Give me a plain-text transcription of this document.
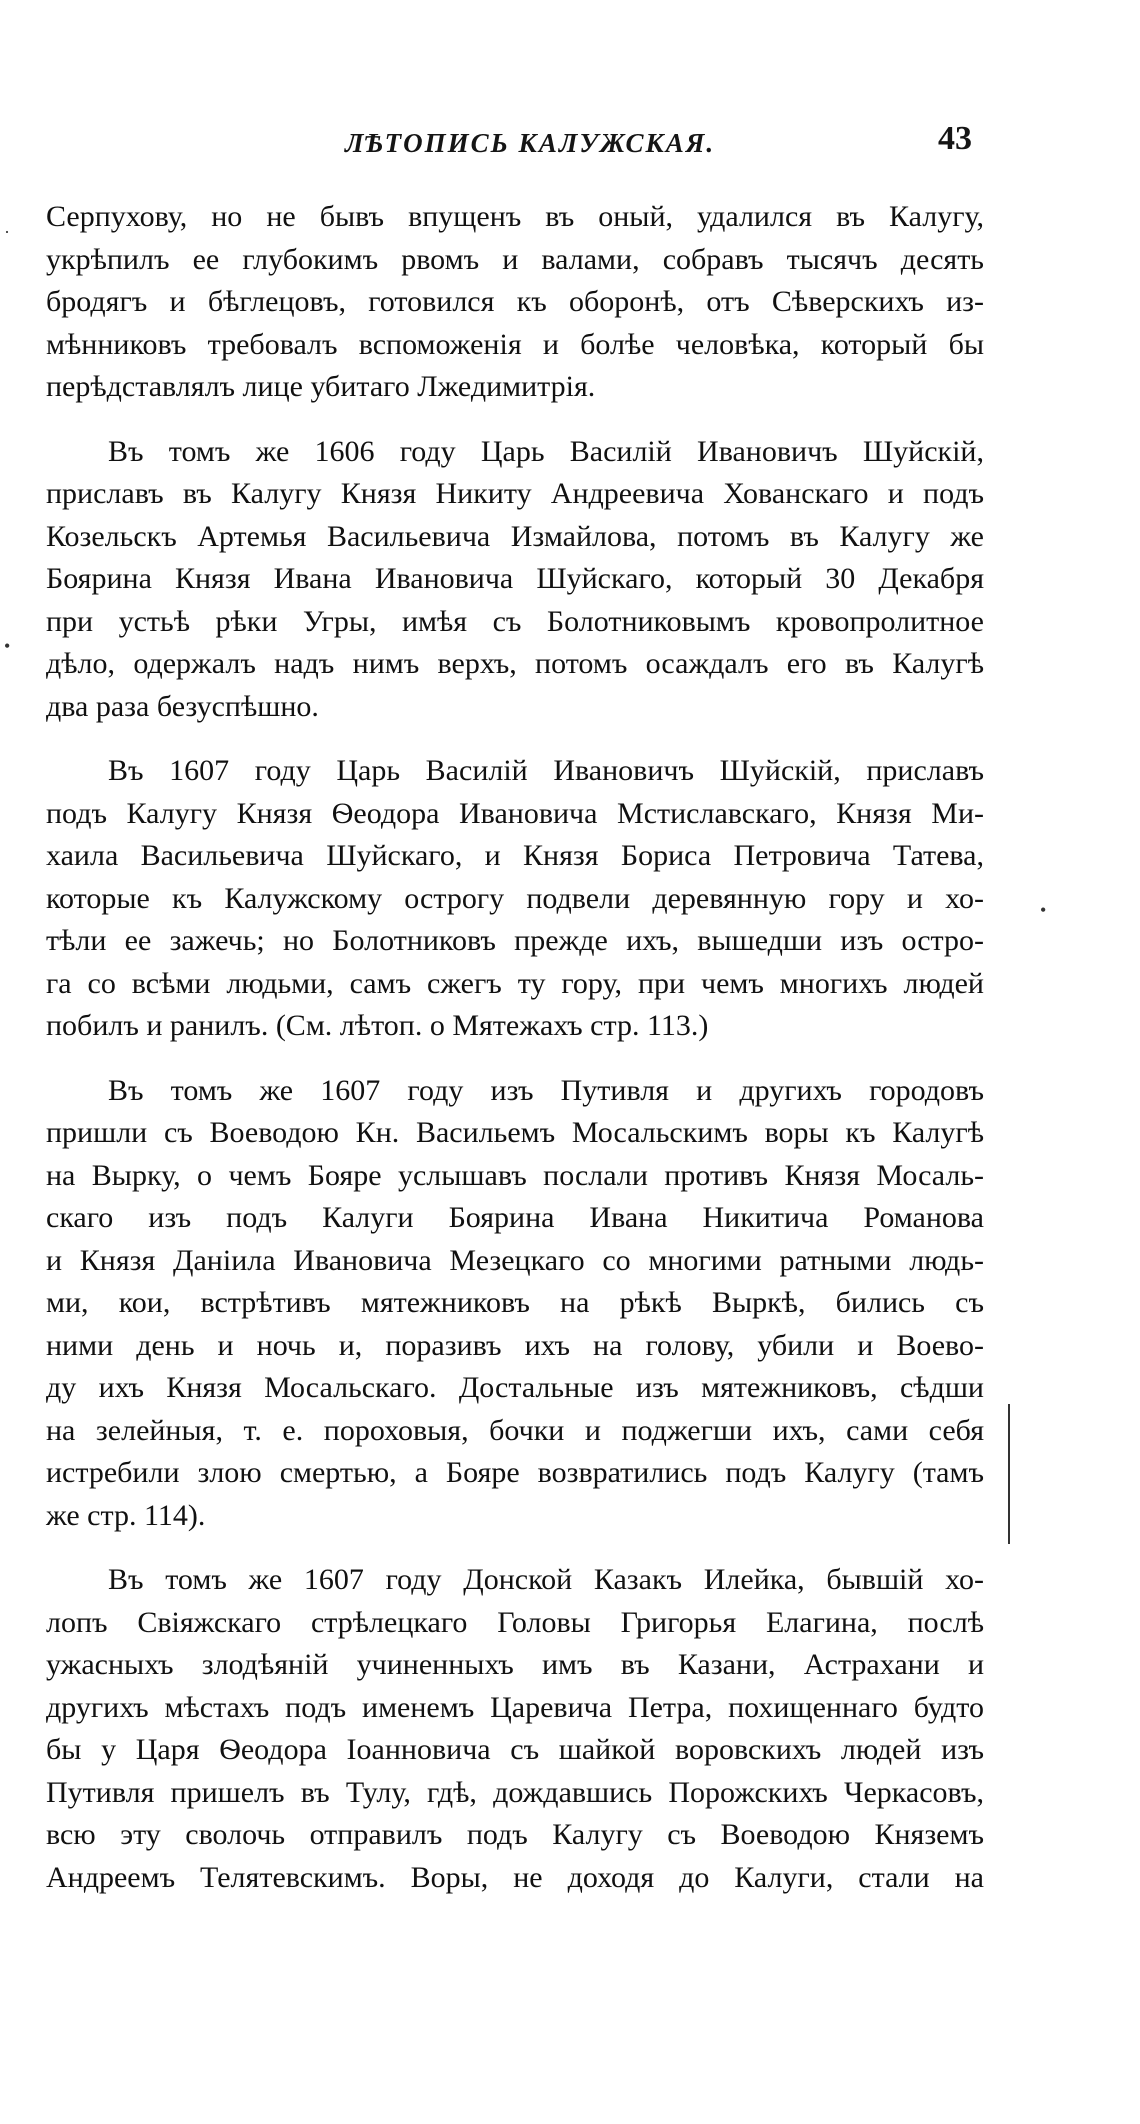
ЛѢТОПИСЬ КАЛУЖСКАЯ.	43
Серпухову, но не бывъ впущенъ въ оный, удалился въ Калугу,
укрѣпилъ ее глубокимъ рвомъ и валами, собравъ тысячъ десять
бродягъ и бѣглецовъ, готовился къ оборонѣ, отъ Сѣверскихъ из-
мѣнниковъ требовалъ вспоможенія и болѣе человѣка, который бы
перѣдставлялъ лице убитаго Лжедимитрія.
Въ томъ же 1606 году Царь Василій Ивановичъ Шуйскій,
приславъ въ Калугу Князя Никиту Андреевича Хованскаго и подъ
Козельскъ Артемья Васильевича Измайлова, потомъ въ Калугу же
Боярина Князя Ивана Ивановича Шуйскаго, который 30 Декабря
при устьѣ рѣки Угры, имѣя съ Болотниковымъ кровопролитное
дѣло, одержалъ надъ нимъ верхъ, потомъ осаждалъ его въ Калугѣ
два раза безуспѣшно.
Въ 1607 году Царь Василій Ивановичъ Шуйскій, приславъ
подъ Калугу Князя Ѳеодора Ивановича Мстиславскаго, Князя Ми-
хаила Васильевича Шуйскаго, и Князя Бориса Петровича Татева,
которые къ Калужскому острогу подвели деревянную гору и хо-
тѣли ее зажечь; но Болотниковъ прежде ихъ, вышедши изъ остро-
га со всѣми людьми, самъ сжегъ ту гору, при чемъ многихъ людей
побилъ и ранилъ. (См. лѣтоп. о Мятежахъ стр. 113.)
Въ томъ же 1607 году изъ Путивля и другихъ городовъ
пришли съ Воеводою Кн. Васильемъ Мосальскимъ воры къ Калугѣ
на Вырку, о чемъ Бояре услышавъ послали противъ Князя Мосаль-
скаго изъ подъ Калуги Боярина Ивана Никитича Романова
и Князя Даніила Ивановича Мезецкаго со многими ратными людь-
ми, кои, встрѣтивъ мятежниковъ на рѣкѣ Выркѣ, бились съ
ними день и ночь и, поразивъ ихъ на голову, убили и Воево-
ду ихъ Князя Мосальскаго. Достальные изъ мятежниковъ, сѣдши
на зелейныя, т. е. пороховыя, бочки и поджегши ихъ, сами себя
истребили злою смертью, а Бояре возвратились подъ Калугу (тамъ
же стр. 114).
Въ томъ же 1607 году Донской Казакъ Илейка, бывшій хо-
лопъ Свіяжскаго стрѣлецкаго Головы Григорья Елагина, послѣ
ужасныхъ злодѣяній учиненныхъ имъ въ Казани, Астрахани и
другихъ мѣстахъ подъ именемъ Царевича Петра, похищеннаго будто
бы у Царя Ѳеодора Іоанновича съ шайкой воровскихъ людей изъ
Путивля пришелъ въ Тулу, гдѣ, дождавшись Порожскихъ Черкасовъ,
всю эту сволочь отправилъ подъ Калугу съ Воеводою Княземъ
Андреемъ Телятевскимъ. Воры, не доходя до Калуги, стали на
·
•
•
